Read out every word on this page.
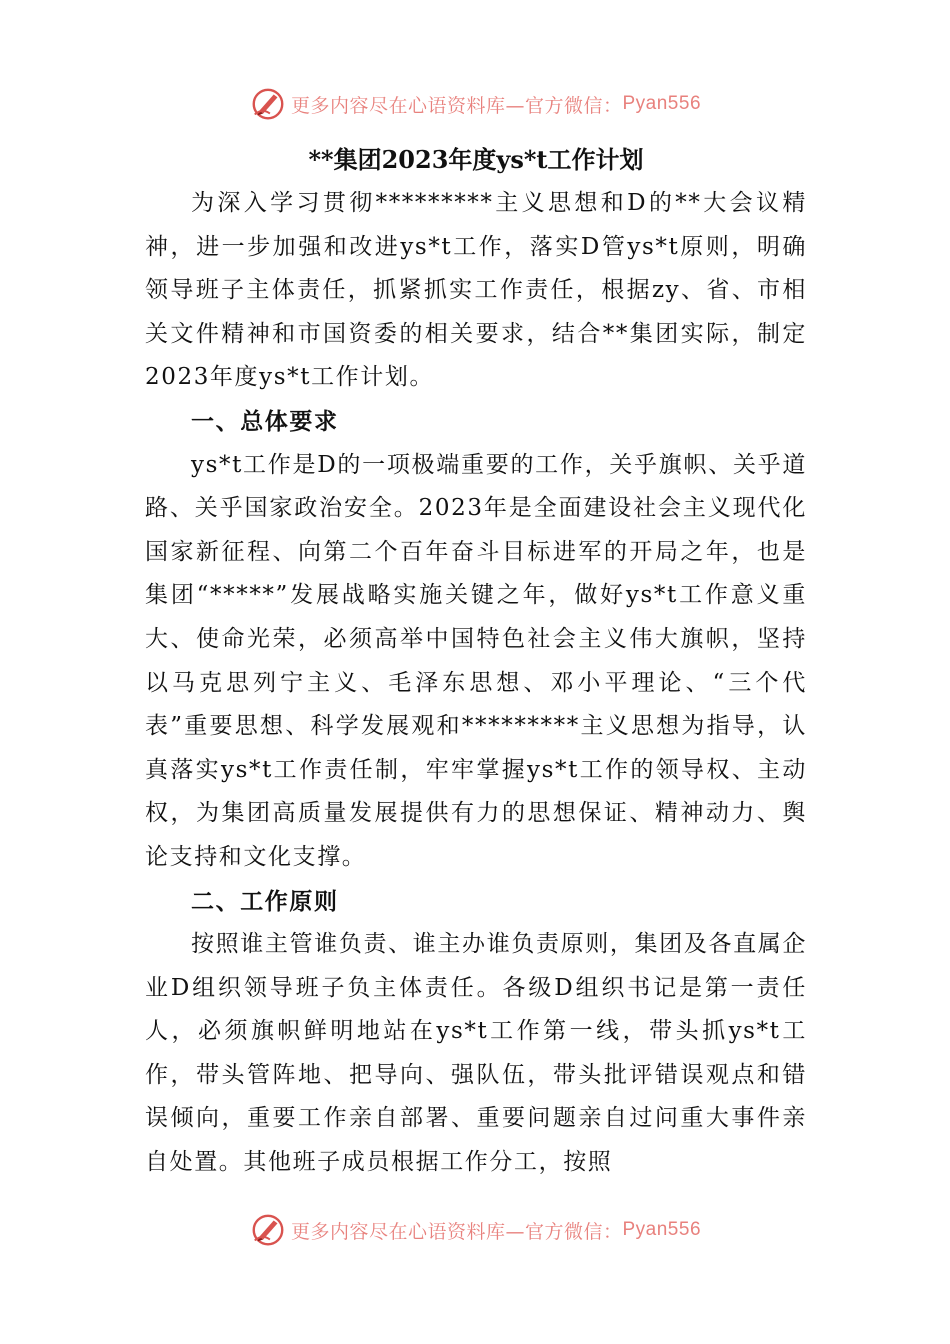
更多内容尽在心语资料库—官方微信： Pyan556
**集团2023年度ys*t工作计划

为深入学习贯彻*********主义思想和D的**大会议精神，进一步加强和改进ys*t工作，落实D管ys*t原则，明确领导班子主体责任，抓紧抓实工作责任，根据zy、省、市相关文件精神和市国资委的相关要求，结合**集团实际，制定2023年度ys*t工作计划。

一、总体要求

ys*t工作是D的一项极端重要的工作，关乎旗帜、关乎道路、关乎国家政治安全。2023年是全面建设社会主义现代化国家新征程、向第二个百年奋斗目标进军的开局之年，也是集团“*****”发展战略实施关键之年，做好ys*t工作意义重大、使命光荣，必须高举中国特色社会主义伟大旗帜，坚持以马克思列宁主义、毛泽东思想、邓小平理论、“三个代表”重要思想、科学发展观和*********主义思想为指导，认真落实ys*t工作责任制，牢牢掌握ys*t工作的领导权、主动权，为集团高质量发展提供有力的思想保证、精神动力、舆论支持和文化支撑。

二、工作原则

按照谁主管谁负责、谁主办谁负责原则，集团及各直属企业D组织领导班子负主体责任。各级D组织书记是第一责任人，必须旗帜鲜明地站在ys*t工作第一线，带头抓ys*t工作，带头管阵地、把导向、强队伍，带头批评错误观点和错误倾向，重要工作亲自部署、重要问题亲自过问重大事件亲自处置。其他班子成员根据工作分工，按照

更多内容尽在心语资料库—官方微信： Pyan556
